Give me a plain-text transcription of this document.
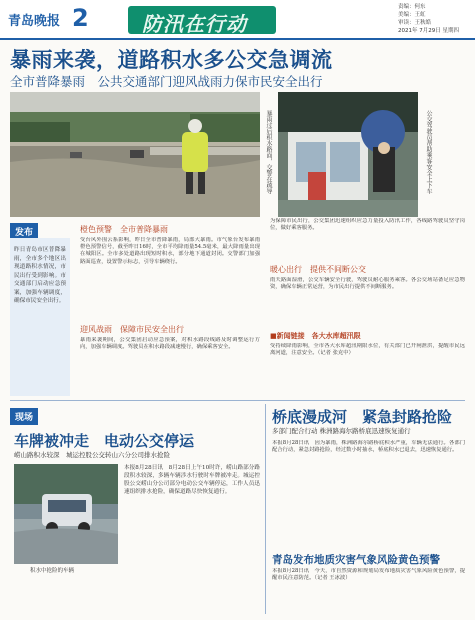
青岛晚报 2	防汛在行动
责编：何东
美编：王虹
审读：王秋皓
2021年 7月29日 星期四
暴雨来袭，道路积水多公交急调流
全市普降暴雨　公共交通部门迎风战雨力保市民安全出行
暴雨过后积水路面，交警在疏导	公交驾驶员帮助乘客安全上下车
发布
昨日青岛市区普降暴雨，全市多个地区出现道路积水情况，市民出行受到影响。市交通部门启动应急预案，加强车辆调度，确保市民安全出行。
橙色预警　全市普降暴雨
受台风外围云系影响，昨日全市普降暴雨，局部大暴雨。市气象台发布暴雨橙色预警信号，截至昨日16时，全市平均降雨量54.5毫米，最大降雨量出现在城阳区。全市多处道路出现短时积水，部分地下通道封闭。交警部门加强路面巡查，设置警示标志，引导车辆绕行。
迎风战雨　保障市民安全出行
暴雨来袭期间，公交集团启动应急预案，对积水路段线路及时调整运行方向，加强车辆调度。驾驶员在积水路段减速慢行，确保乘客安全。
为保障市民出行，公交集团迅速组织应急力量投入防汛工作，各线路驾驶员坚守岗位，做好乘客服务。
暖心出行　提供不间断公交
雨天路面湿滑，公交车辆安全行驶，驾驶员耐心服务乘客。各公交场站备足应急物资，确保车辆正常运营，为市民出行提供不间断服务。
■新闻链接　各大水库超汛限
受持续降雨影响，全市各大水库超汛期限水位，有关部门已开闸泄洪，提醒市民远离河道，注意安全。（记者 张克中）
现场
车牌被冲走　电动公交停运
崂山路积水较深　城运控股公交转山六分公司排水抢险
积水中抢险的车辆
本报8月28日讯　8月28日上午10时许，崂山路部分路段积水较深，多辆车辆涉水行驶时车牌被冲走。城运控股公交崂山分公司部分电动公交车辆停运，工作人员迅速组织排水抢险，确保道路尽快恢复通行。
桥底漫成河　紧急封路抢险
多部门配合行动 株洲路海尔路桥底迅速恢复通行
本报8月28日讯　因为暴雨，株洲路海尔路桥底积水严重，车辆无法通行。各部门配合行动，紧急封路抢险，经过数小时抽水，桥底积水已退去，迅速恢复通行。
青岛发布地质灾害气象风险黄色预警
本报8月28日讯　今天，市自然资源和规划局发布地质灾害气象风险黄色预警，提醒市民注意防范。（记者 王冰波）
